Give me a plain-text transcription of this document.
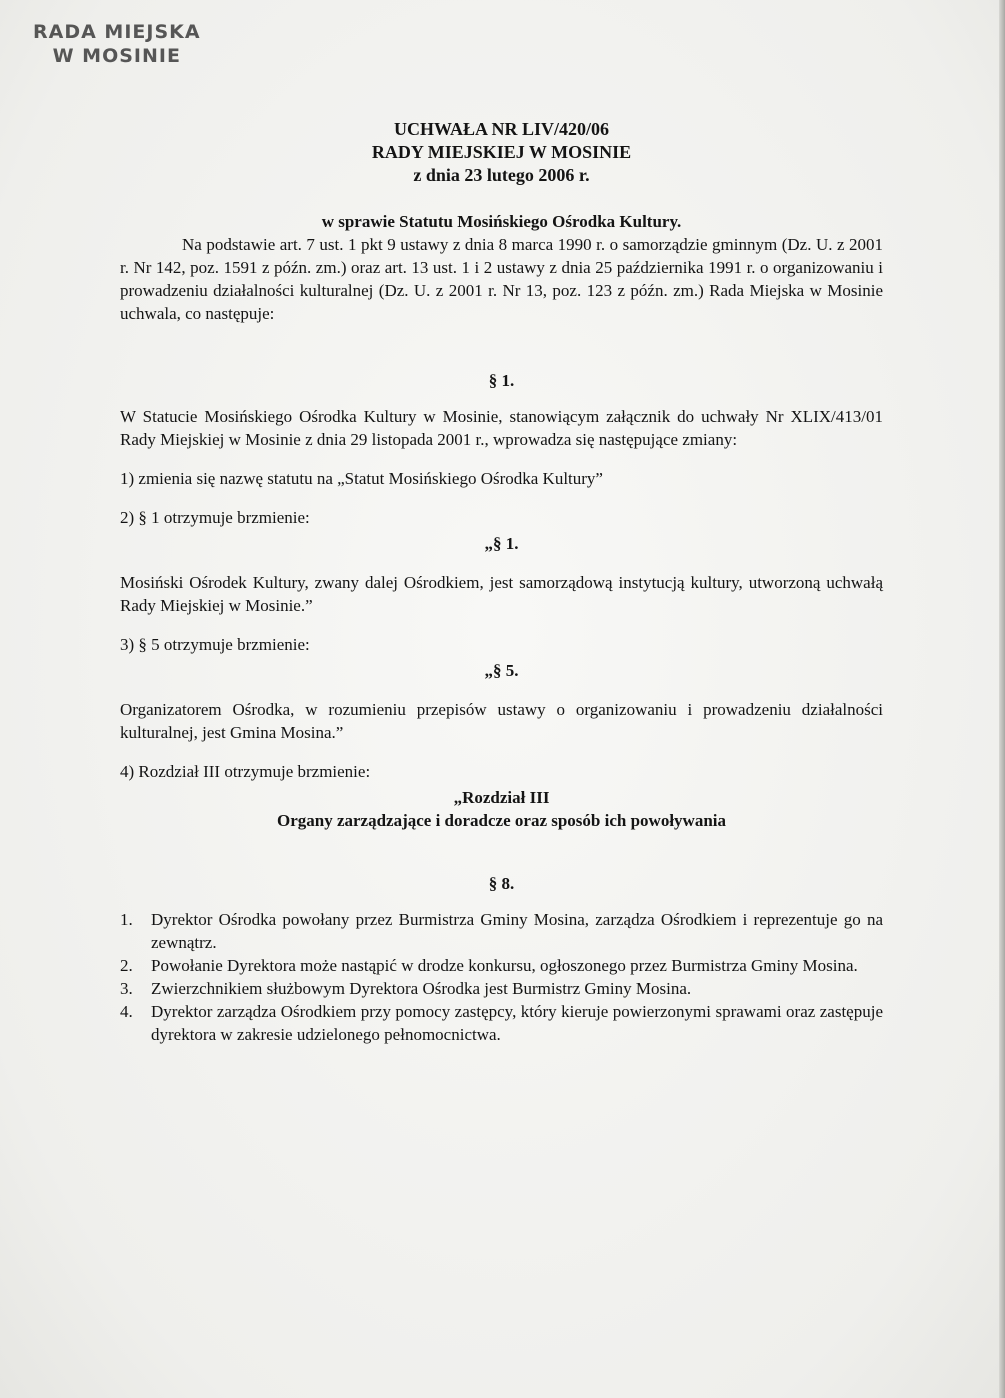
RADA MIEJSKA
W MOSINIE
UCHWAŁA NR LIV/420/06
RADY MIEJSKIEJ W MOSINIE
z dnia 23 lutego 2006 r.
w sprawie Statutu Mosińskiego Ośrodka Kultury.

Na podstawie art. 7 ust. 1 pkt 9 ustawy z dnia 8 marca 1990 r. o samorządzie gminnym (Dz. U. z 2001 r. Nr 142, poz. 1591 z późn. zm.) oraz art. 13 ust. 1 i 2 ustawy z dnia 25 października 1991 r. o organizowaniu i prowadzeniu działalności kulturalnej (Dz. U. z 2001 r. Nr 13, poz. 123 z późn. zm.) Rada Miejska w Mosinie uchwala, co następuje:

§ 1.

W Statucie Mosińskiego Ośrodka Kultury w Mosinie, stanowiącym załącznik do uchwały Nr XLIX/413/01 Rady Miejskiej w Mosinie z dnia 29 listopada 2001 r., wprowadza się następujące zmiany:

1) zmienia się nazwę statutu na „Statut Mosińskiego Ośrodka Kultury”

2) § 1 otrzymuje brzmienie:

„§ 1.

Mosiński Ośrodek Kultury, zwany dalej Ośrodkiem, jest samorządową instytucją kultury, utworzoną uchwałą Rady Miejskiej w Mosinie.”

3) § 5 otrzymuje brzmienie:

„§ 5.

Organizatorem Ośrodka, w rozumieniu przepisów ustawy o organizowaniu i prowadzeniu działalności kulturalnej, jest Gmina Mosina.”

4) Rozdział III otrzymuje brzmienie:

„Rozdział III
Organy zarządzające i doradcze oraz sposób ich powoływania
§ 8.
1. Dyrektor Ośrodka powołany przez Burmistrza Gminy Mosina, zarządza Ośrodkiem i reprezentuje go na zewnątrz.
2. Powołanie Dyrektora może nastąpić w drodze konkursu, ogłoszonego przez Burmistrza Gminy Mosina.
3. Zwierzchnikiem służbowym Dyrektora Ośrodka jest Burmistrz Gminy Mosina.
4. Dyrektor zarządza Ośrodkiem przy pomocy zastępcy, który kieruje powierzonymi sprawami oraz zastępuje dyrektora w zakresie udzielonego pełnomocnictwa.
